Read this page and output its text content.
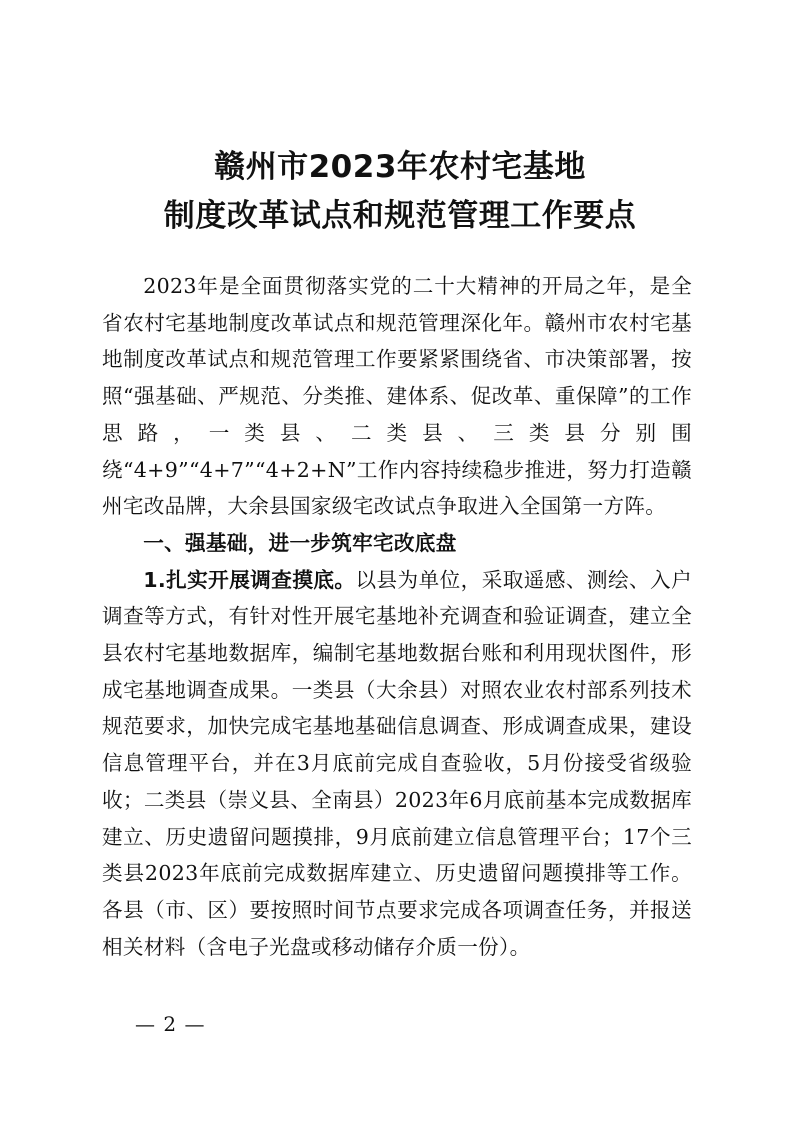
赣州市2023年农村宅基地
制度改革试点和规范管理工作要点

2023年是全面贯彻落实党的二十大精神的开局之年，是全省农村宅基地制度改革试点和规范管理深化年。赣州市农村宅基地制度改革试点和规范管理工作要紧紧围绕省、市决策部署，按照“强基础、严规范、分类推、建体系、促改革、重保障”的工作思路，一类县、二类县、三类县分别围绕“4+9”“4+7”“4+2+N”工作内容持续稳步推进，努力打造赣州宅改品牌，大余县国家级宅改试点争取进入全国第一方阵。

一、强基础，进一步筑牢宅改底盘

1.扎实开展调查摸底。以县为单位，采取遥感、测绘、入户调查等方式，有针对性开展宅基地补充调查和验证调查，建立全县农村宅基地数据库，编制宅基地数据台账和利用现状图件，形成宅基地调查成果。一类县（大余县）对照农业农村部系列技术规范要求，加快完成宅基地基础信息调查、形成调查成果，建设信息管理平台，并在3月底前完成自查验收，5月份接受省级验收；二类县（崇义县、全南县）2023年6月底前基本完成数据库建立、历史遗留问题摸排，9月底前建立信息管理平台；17个三类县2023年底前完成数据库建立、历史遗留问题摸排等工作。各县（市、区）要按照时间节点要求完成各项调查任务，并报送相关材料（含电子光盘或移动储存介质一份）。

— 2 —
